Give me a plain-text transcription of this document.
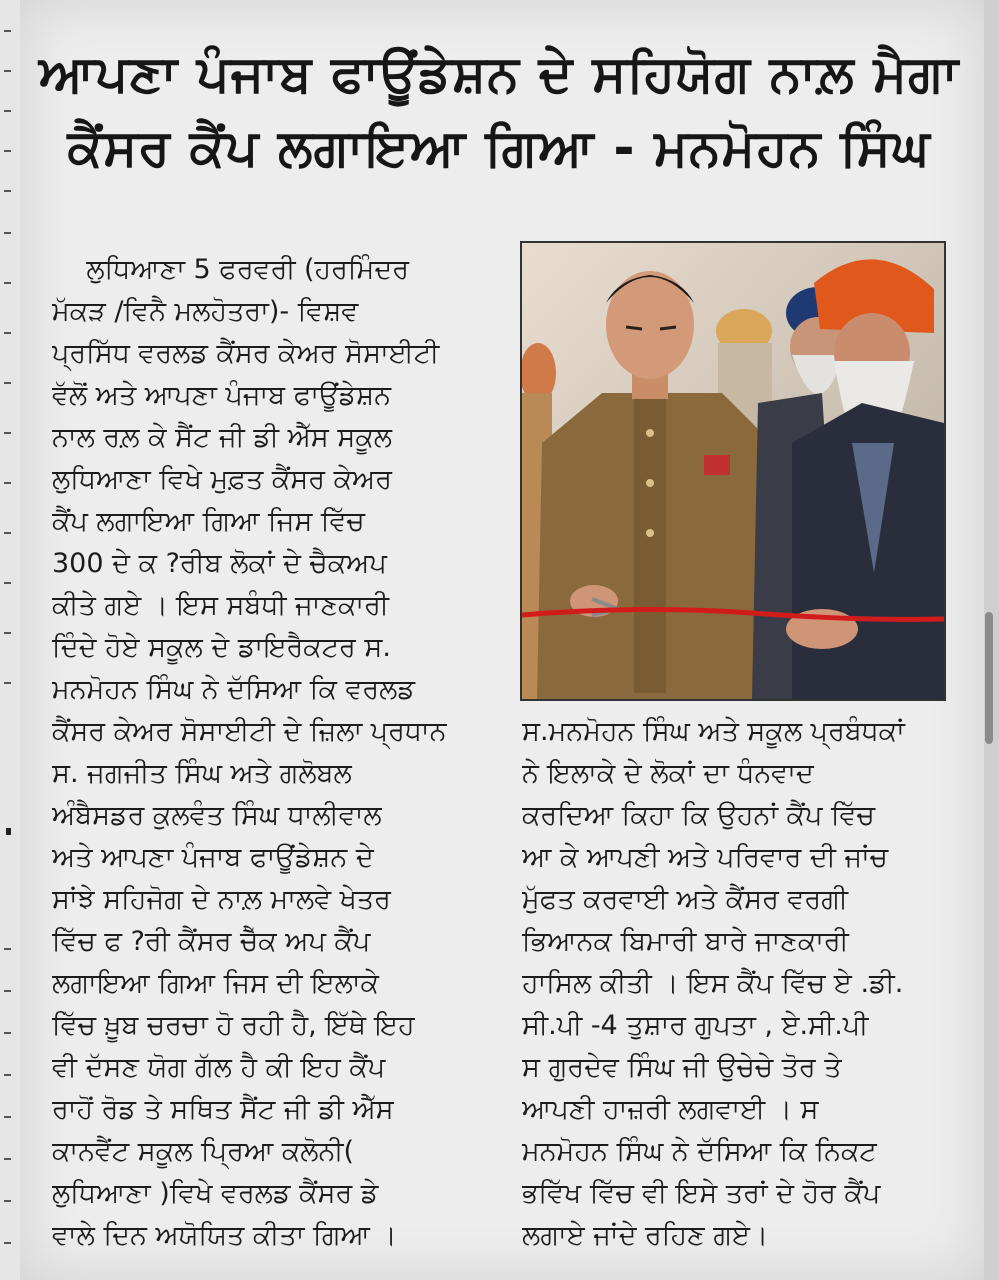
ਆਪਣਾ ਪੰਜਾਬ ਫਾਊਂਡੇਸ਼ਨ ਦੇ ਸਹਿਯੋਗ ਨਾਲ਼ ਮੈਗਾ
ਕੈਂਸਰ ਕੈਂਪ ਲਗਾਇਆ ਗਿਆ - ਮਨਮੋਹਨ ਸਿੰਘ
ਲੁਧਿਆਣਾ 5 ਫਰਵਰੀ (ਹਰਮਿੰਦਰ
ਮੱਕੜ /ਵਿਨੈ ਮਲਹੋਤਰਾ)- ਵਿਸ਼ਵ
ਪ੍ਰਸਿੱਧ ਵਰਲਡ ਕੈਂਸਰ ਕੇਅਰ ਸੋਸਾਈਟੀ
ਵੱਲੋਂ ਅਤੇ ਆਪਣਾ ਪੰਜਾਬ ਫਾਊਂਡੇਸ਼ਨ
ਨਾਲ ਰਲ਼ ਕੇ ਸੈਂਟ ਜੀ ਡੀ ਐੱਸ ਸਕੂਲ
ਲੁਧਿਆਣਾ ਵਿਖੇ ਮੁਫ਼ਤ ਕੈਂਸਰ ਕੇਅਰ
ਕੈਂਪ ਲਗਾਇਆ ਗਿਆ ਜਿਸ ਵਿੱਚ
300 ਦੇ ਕ ?ਰੀਬ ਲੋਕਾਂ ਦੇ ਚੈਕਅਪ
ਕੀਤੇ ਗਏ । ਇਸ ਸਬੰਧੀ ਜਾਣਕਾਰੀ
ਦਿੰਦੇ ਹੋਏ ਸਕੂਲ ਦੇ ਡਾਇਰੈਕਟਰ ਸ.
ਮਨਮੋਹਨ ਸਿੰਘ ਨੇ ਦੱਸਿਆ ਕਿ ਵਰਲਡ
ਕੈਂਸਰ ਕੇਅਰ ਸੋਸਾਈਟੀ ਦੇ ਜ਼ਿਲਾ ਪ੍ਰਧਾਨ
ਸ. ਜਗਜੀਤ ਸਿੰਘ ਅਤੇ ਗਲੋਬਲ
ਅੰਬੈਸਡਰ ਕੁਲਵੰਤ ਸਿੰਘ ਧਾਲੀਵਾਲ
ਅਤੇ ਆਪਣਾ ਪੰਜਾਬ ਫਾਊਂਡੇਸ਼ਨ ਦੇ
ਸਾਂਝੇ ਸਹਿਜੋਗ ਦੇ ਨਾਲ਼ ਮਾਲਵੇ ਖੇਤਰ
ਵਿੱਚ ਫ ?ਰੀ ਕੈਂਸਰ ਚੈੱਕ ਅਪ ਕੈਂਪ
ਲਗਾਇਆ ਗਿਆ ਜਿਸ ਦੀ ਇਲਾਕੇ
ਵਿੱਚ ਖ਼ੂਬ ਚਰਚਾ ਹੋ ਰਹੀ ਹੈ, ਇੱਥੇ ਇਹ
ਵੀ ਦੱਸਣ ਯੋਗ ਗੱਲ ਹੈ ਕੀ ਇਹ ਕੈਂਪ
ਰਾਹੋਂ ਰੋਡ ਤੇ ਸਥਿਤ ਸੈਂਟ ਜੀ ਡੀ ਐੱਸ
ਕਾਨਵੈਂਟ ਸਕੂਲ ਪ੍ਰਿਆ ਕਲੋਨੀ(
ਲੁਧਿਆਣਾ )ਵਿਖੇ ਵਰਲਡ ਕੈਂਸਰ ਡੇ
ਵਾਲੇ ਦਿਨ ਅਯੋਯਿਤ ਕੀਤਾ ਗਿਆ ।
ਸ.ਮਨਮੋਹਨ ਸਿੰਘ ਅਤੇ ਸਕੂਲ ਪ੍ਰਬੰਧਕਾਂ
ਨੇ ਇਲਾਕੇ ਦੇ ਲੋਕਾਂ ਦਾ ਧੰਨਵਾਦ
ਕਰਦਿਆ ਕਿਹਾ ਕਿ ਉਹਨਾਂ ਕੈਂਪ ਵਿੱਚ
ਆ ਕੇ ਆਪਣੀ ਅਤੇ ਪਰਿਵਾਰ ਦੀ ਜਾਂਚ
ਮੁੱਫਤ ਕਰਵਾਈ ਅਤੇ ਕੈਂਸਰ ਵਰਗੀ
ਭਿਆਨਕ ਬਿਮਾਰੀ ਬਾਰੇ ਜਾਣਕਾਰੀ
ਹਾਸਿਲ ਕੀਤੀ । ਇਸ ਕੈਂਪ ਵਿੱਚ ਏ .ਡੀ.
ਸੀ.ਪੀ -4 ਤੁਸ਼ਾਰ ਗੁਪਤਾ , ਏ.ਸੀ.ਪੀ
ਸ ਗੁਰਦੇਵ ਸਿੰਘ ਜੀ ਉਚੇਚੇ ਤੋਰ ਤੇ
ਆਪਣੀ ਹਾਜ਼ਰੀ ਲਗਵਾਈ । ਸ
ਮਨਮੋਹਨ ਸਿੰਘ ਨੇ ਦੱਸਿਆ ਕਿ ਨਿਕਟ
ਭਵਿੱਖ ਵਿੱਚ ਵੀ ਇਸੇ ਤਰਾਂ ਦੇ ਹੋਰ ਕੈਂਪ
ਲਗਾਏ ਜਾਂਦੇ ਰਹਿਣ ਗਏ।
